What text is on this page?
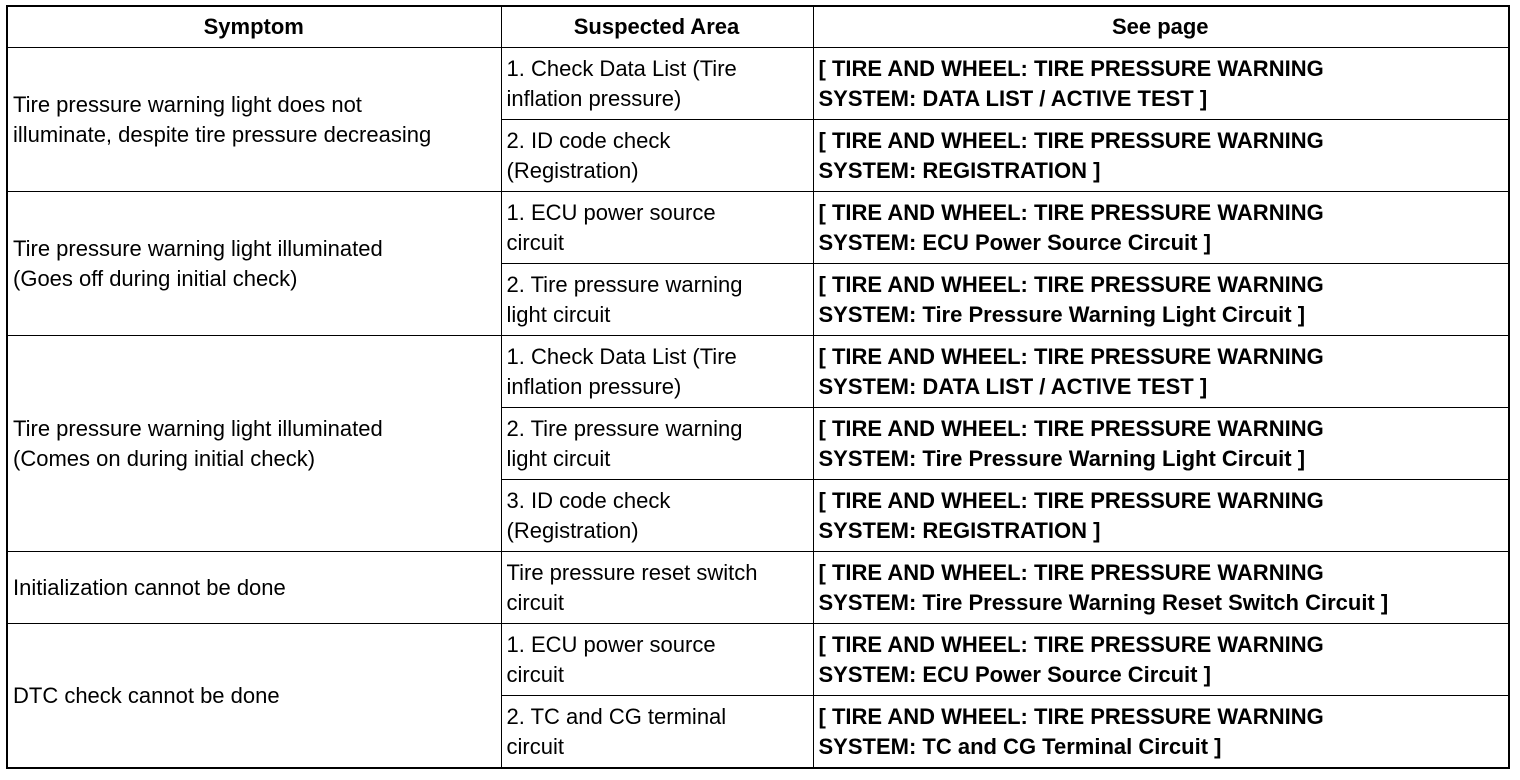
Symptom	Suspected Area	See page
Tire pressure warning light does not
illuminate, despite tire pressure decreasing	1. Check Data List (Tire
inflation pressure)	[ TIRE AND WHEEL: TIRE PRESSURE WARNING
SYSTEM: DATA LIST / ACTIVE TEST ]
	2. ID code check
(Registration)	[ TIRE AND WHEEL: TIRE PRESSURE WARNING
SYSTEM: REGISTRATION ]
Tire pressure warning light illuminated
(Goes off during initial check)	1. ECU power source
circuit	[ TIRE AND WHEEL: TIRE PRESSURE WARNING
SYSTEM: ECU Power Source Circuit ]
	2. Tire pressure warning
light circuit	[ TIRE AND WHEEL: TIRE PRESSURE WARNING
SYSTEM: Tire Pressure Warning Light Circuit ]
Tire pressure warning light illuminated
(Comes on during initial check)	1. Check Data List (Tire
inflation pressure)	[ TIRE AND WHEEL: TIRE PRESSURE WARNING
SYSTEM: DATA LIST / ACTIVE TEST ]
	2. Tire pressure warning
light circuit	[ TIRE AND WHEEL: TIRE PRESSURE WARNING
SYSTEM: Tire Pressure Warning Light Circuit ]
	3. ID code check
(Registration)	[ TIRE AND WHEEL: TIRE PRESSURE WARNING
SYSTEM: REGISTRATION ]
Initialization cannot be done	Tire pressure reset switch
circuit	[ TIRE AND WHEEL: TIRE PRESSURE WARNING
SYSTEM: Tire Pressure Warning Reset Switch Circuit ]
DTC check cannot be done	1. ECU power source
circuit	[ TIRE AND WHEEL: TIRE PRESSURE WARNING
SYSTEM: ECU Power Source Circuit ]
	2. TC and CG terminal
circuit	[ TIRE AND WHEEL: TIRE PRESSURE WARNING
SYSTEM: TC and CG Terminal Circuit ]
